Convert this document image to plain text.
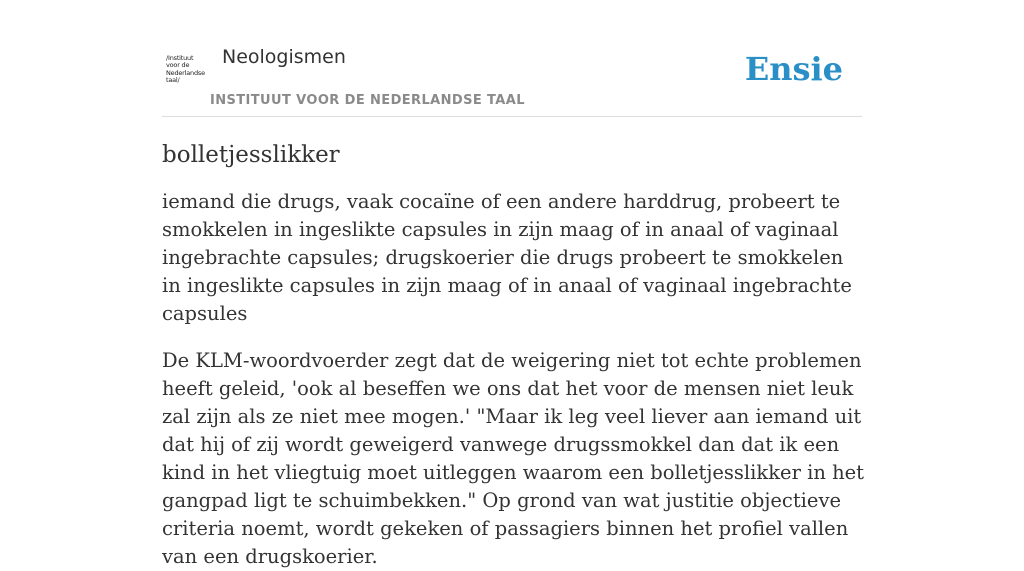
/Instituut
voor de
Nederlandse
taal/
Neologismen
INSTITUUT VOOR DE NEDERLANDSE TAAL
Ensie
bolletjesslikker

iemand die drugs, vaak cocaïne of een andere harddrug, probeert te smokkelen in ingeslikte capsules in zijn maag of in anaal of vaginaal ingebrachte capsules; drugskoerier die drugs probeert te smokkelen in ingeslikte capsules in zijn maag of in anaal of vaginaal ingebrachte capsules

De KLM-woordvoerder zegt dat de weigering niet tot echte problemen heeft geleid, 'ook al beseffen we ons dat het voor de mensen niet leuk zal zijn als ze niet mee mogen.' "Maar ik leg veel liever aan iemand uit dat hij of zij wordt geweigerd vanwege drugssmokkel dan dat ik een kind in het vliegtuig moet uitleggen waarom een bolletjesslikker in het gangpad ligt te schuimbekken." Op grond van wat justitie objectieve criteria noemt, wordt gekeken of passagiers binnen het profiel vallen van een drugskoerier.
